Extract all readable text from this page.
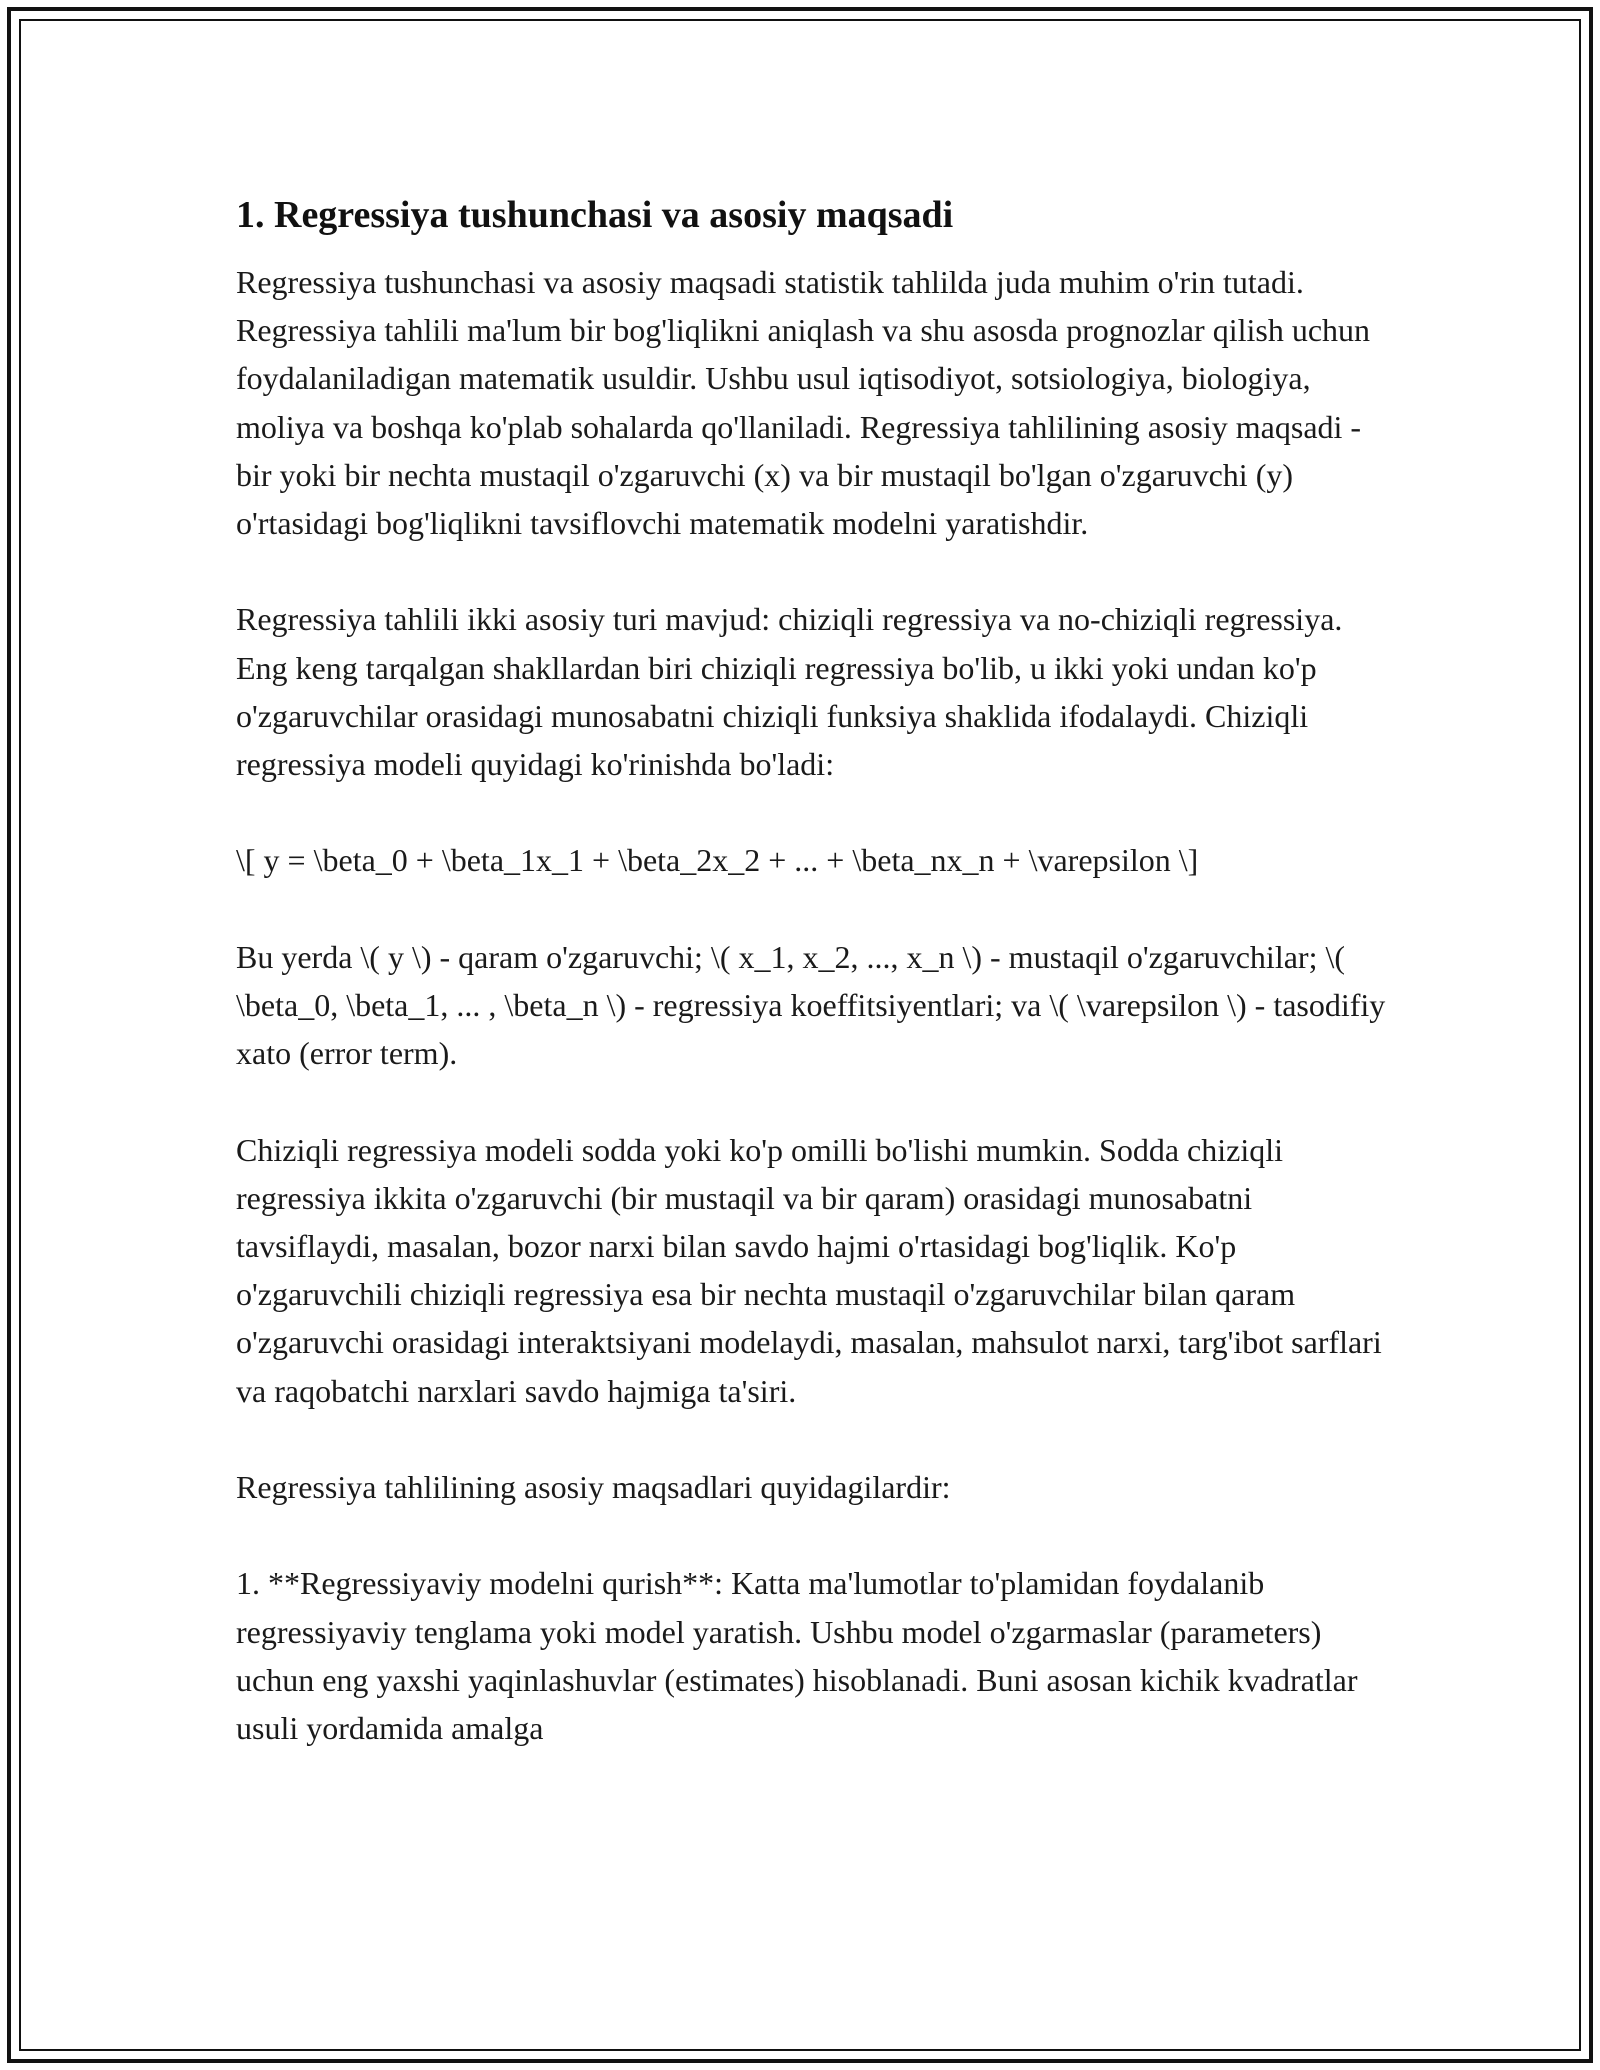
1. Regressiya tushunchasi va asosiy maqsadi

Regressiya tushunchasi va asosiy maqsadi statistik tahlilda juda muhim o'rin tutadi. Regressiya tahlili ma'lum bir bog'liqlikni aniqlash va shu asosda prognozlar qilish uchun foydalaniladigan matematik usuldir. Ushbu usul iqtisodiyot, sotsiologiya, biologiya, moliya va boshqa ko'plab sohalarda qo'llaniladi. Regressiya tahlilining asosiy maqsadi - bir yoki bir nechta mustaqil o'zgaruvchi (x) va bir mustaqil bo'lgan o'zgaruvchi (y) o'rtasidagi bog'liqlikni tavsiflovchi matematik modelni yaratishdir.

Regressiya tahlili ikki asosiy turi mavjud: chiziqli regressiya va no-chiziqli regressiya. Eng keng tarqalgan shakllardan biri chiziqli regressiya bo'lib, u ikki yoki undan ko'p o'zgaruvchilar orasidagi munosabatni chiziqli funksiya shaklida ifodalaydi. Chiziqli regressiya modeli quyidagi ko'rinishda bo'ladi:

\[ y = \beta_0 + \beta_1x_1 + \beta_2x_2 + ... + \beta_nx_n + \varepsilon \]

Bu yerda \( y \) - qaram o'zgaruvchi; \( x_1, x_2, ..., x_n \) - mustaqil o'zgaruvchilar; \( \beta_0, \beta_1, ... , \beta_n \) - regressiya koeffitsiyentlari; va \( \varepsilon \) - tasodifiy xato (error term).

Chiziqli regressiya modeli sodda yoki ko'p omilli bo'lishi mumkin. Sodda chiziqli regressiya ikkita o'zgaruvchi (bir mustaqil va bir qaram) orasidagi munosabatni tavsiflaydi, masalan, bozor narxi bilan savdo hajmi o'rtasidagi bog'liqlik. Ko'p o'zgaruvchili chiziqli regressiya esa bir nechta mustaqil o'zgaruvchilar bilan qaram o'zgaruvchi orasidagi interaktsiyani modelaydi, masalan, mahsulot narxi, targ'ibot sarflari va raqobatchi narxlari savdo hajmiga ta'siri.

Regressiya tahlilining asosiy maqsadlari quyidagilardir:

1. **Regressiyaviy modelni qurish**: Katta ma'lumotlar to'plamidan foydalanib regressiyaviy tenglama yoki model yaratish. Ushbu model o'zgarmaslar (parameters) uchun eng yaxshi yaqinlashuvlar (estimates) hisoblanadi. Buni asosan kichik kvadratlar usuli yordamida amalga
